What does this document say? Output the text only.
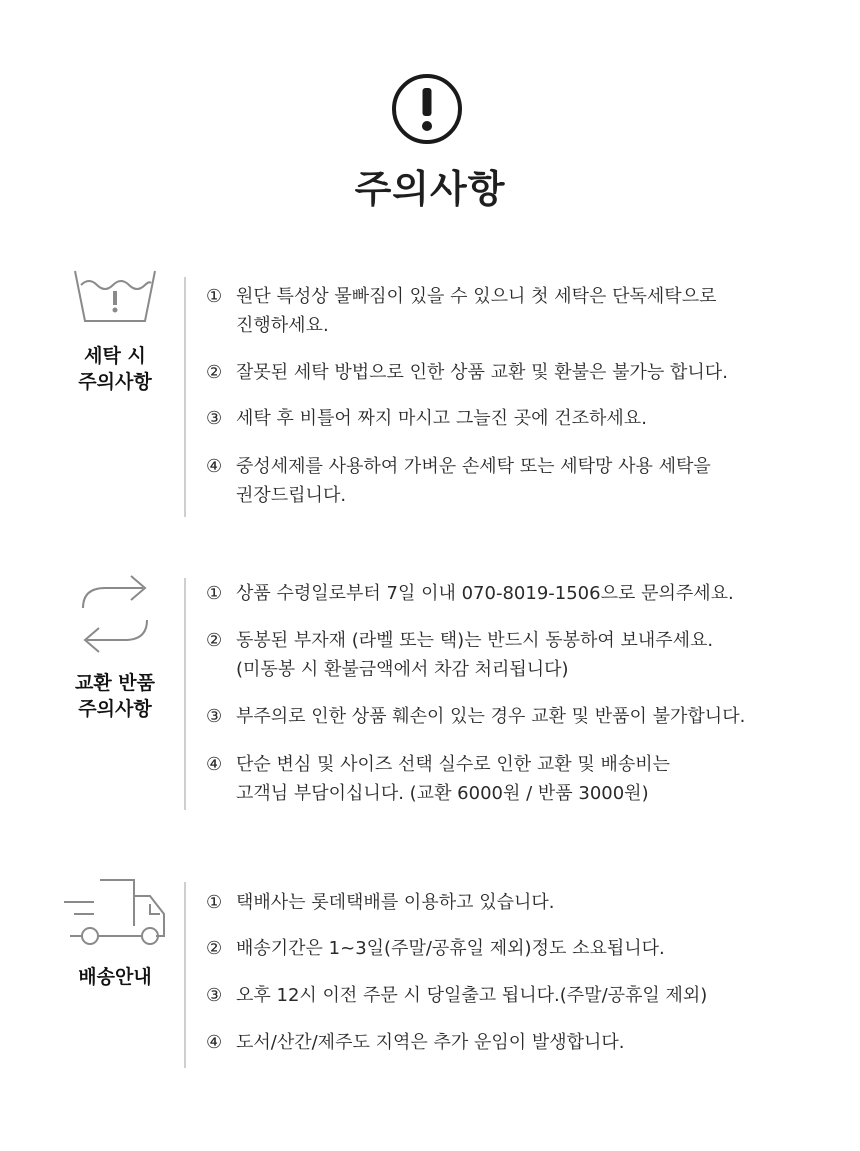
주의사항
세탁 시
주의사항
① 원단 특성상 물빠짐이 있을 수 있으니 첫 세탁은 단독세탁으로
진행하세요.
② 잘못된 세탁 방법으로 인한 상품 교환 및 환불은 불가능 합니다.
③ 세탁 후 비틀어 짜지 마시고 그늘진 곳에 건조하세요.
④ 중성세제를 사용하여 가벼운 손세탁 또는 세탁망 사용 세탁을
권장드립니다.
교환 반품
주의사항
① 상품 수령일로부터 7일 이내 070-8019-1506으로 문의주세요.
② 동봉된 부자재 (라벨 또는 택)는 반드시 동봉하여 보내주세요.
(미동봉 시 환불금액에서 차감 처리됩니다)
③ 부주의로 인한 상품 훼손이 있는 경우 교환 및 반품이 불가합니다.
④ 단순 변심 및 사이즈 선택 실수로 인한 교환 및 배송비는
고객님 부담이십니다. (교환 6000원 / 반품 3000원)
배송안내
① 택배사는 롯데택배를 이용하고 있습니다.
② 배송기간은 1~3일(주말/공휴일 제외)정도 소요됩니다.
③ 오후 12시 이전 주문 시 당일출고 됩니다.(주말/공휴일 제외)
④ 도서/산간/제주도 지역은 추가 운임이 발생합니다.
